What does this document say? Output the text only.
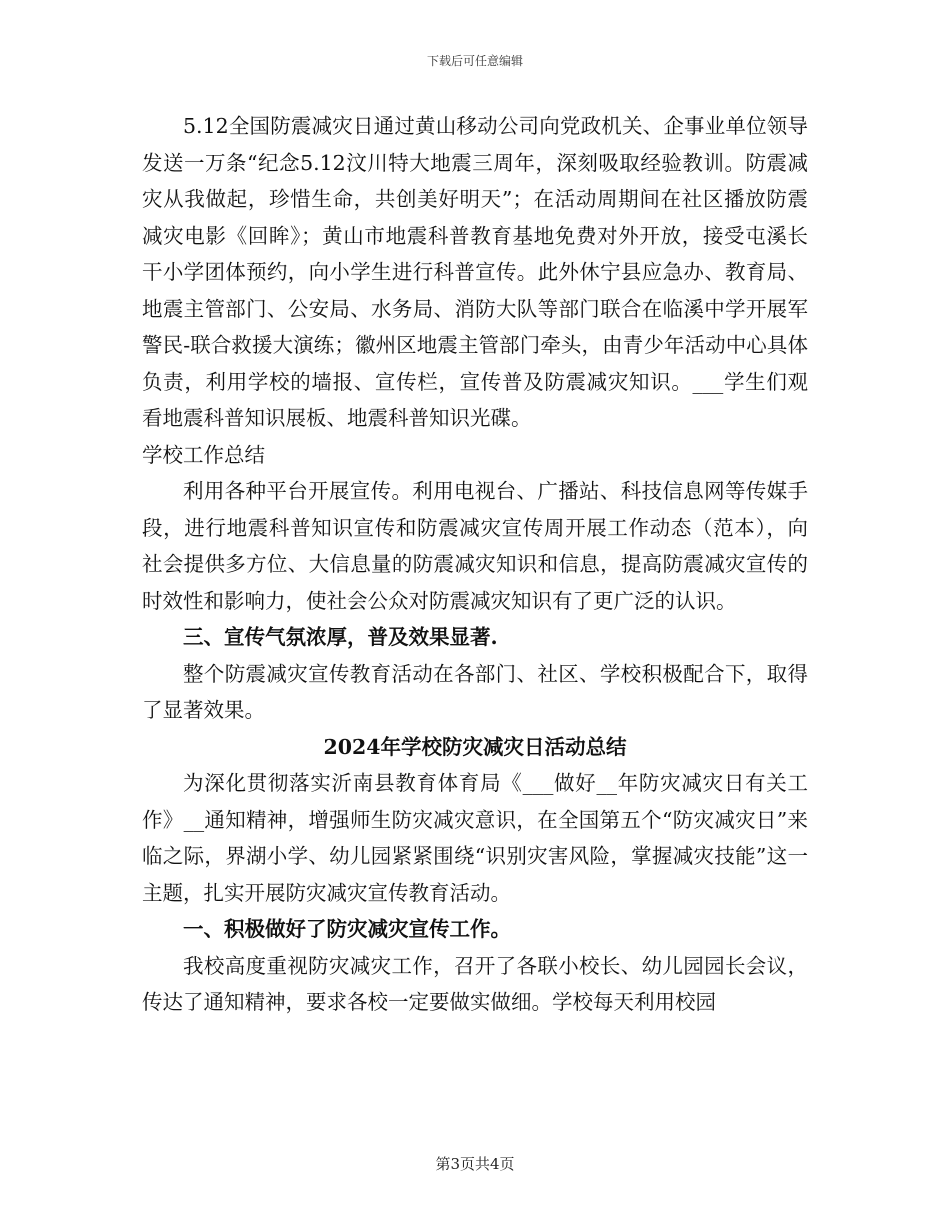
下载后可任意编辑

5.12全国防震减灾日通过黄山移动公司向党政机关、企事业单位领导发送一万条“纪念5.12汶川特大地震三周年，深刻吸取经验教训。防震减灾从我做起，珍惜生命，共创美好明天”；在活动周期间在社区播放防震减灾电影《回眸》；黄山市地震科普教育基地免费对外开放，接受屯溪长干小学团体预约，向小学生进行科普宣传。此外休宁县应急办、教育局、地震主管部门、公安局、水务局、消防大队等部门联合在临溪中学开展军警民-联合救援大演练；徽州区地震主管部门牵头，由青少年活动中心具体负责，利用学校的墙报、宣传栏，宣传普及防震减灾知识。___学生们观看地震科普知识展板、地震科普知识光碟。

学校工作总结

利用各种平台开展宣传。利用电视台、广播站、科技信息网等传媒手段，进行地震科普知识宣传和防震减灾宣传周开展工作动态（范本），向社会提供多方位、大信息量的防震减灾知识和信息，提高防震减灾宣传的时效性和影响力，使社会公众对防震减灾知识有了更广泛的认识。

三、宣传气氛浓厚，普及效果显著.

整个防震减灾宣传教育活动在各部门、社区、学校积极配合下，取得了显著效果。

2024年学校防灾减灾日活动总结

为深化贯彻落实沂南县教育体育局《___做好__年防灾减灾日有关工作》__通知精神，增强师生防灾减灾意识，在全国第五个“防灾减灾日”来临之际，界湖小学、幼儿园紧紧围绕“识别灾害风险，掌握减灾技能”这一主题，扎实开展防灾减灾宣传教育活动。

一、积极做好了防灾减灾宣传工作。

我校高度重视防灾减灾工作，召开了各联小校长、幼儿园园长会议，传达了通知精神，要求各校一定要做实做细。学校每天利用校园

第3页共4页
